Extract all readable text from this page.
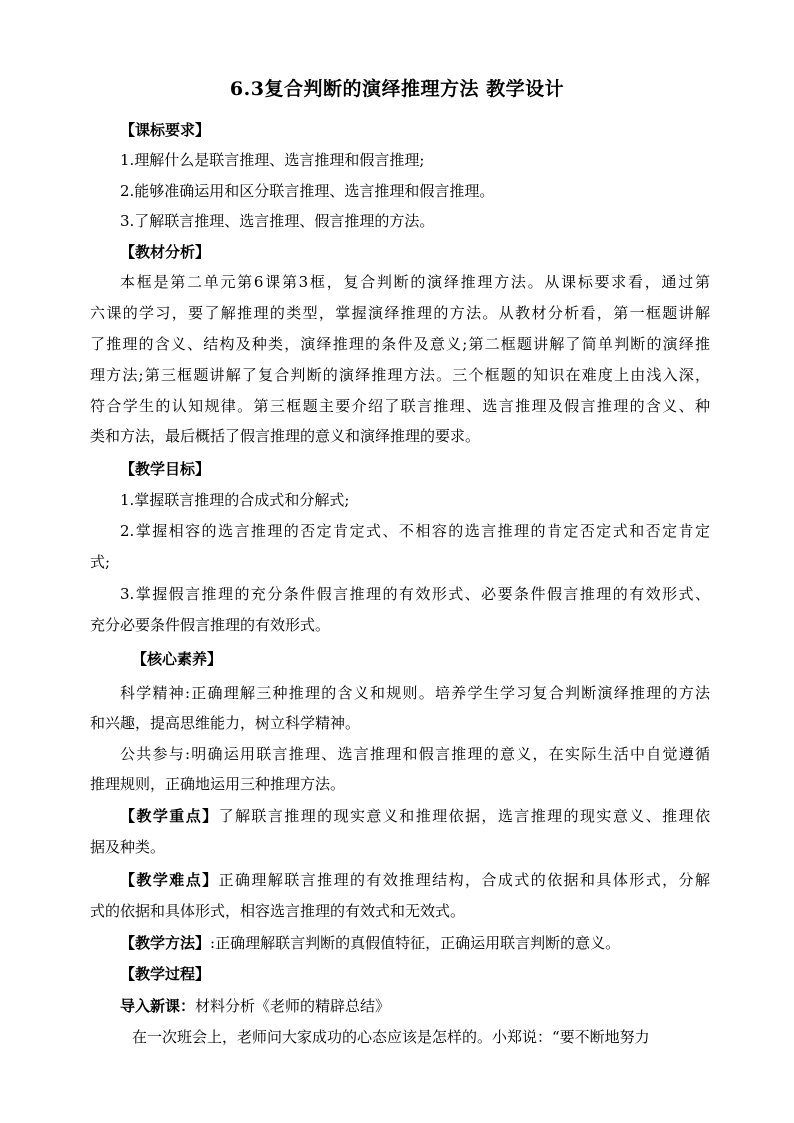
6.3复合判断的演绎推理方法 教学设计

【课标要求】

1.理解什么是联言推理、选言推理和假言推理;

2.能够准确运用和区分联言推理、选言推理和假言推理。

3.了解联言推理、选言推理、假言推理的方法。

【教材分析】

本框是第二单元第6课第3框，复合判断的演绎推理方法。从课标要求看，通过第

六课的学习，要了解推理的类型，掌握演绎推理的方法。从教材分析看，第一框题讲解

了推理的含义、结构及种类，演绎推理的条件及意义;第二框题讲解了简单判断的演绎推

理方法;第三框题讲解了复合判断的演绎推理方法。三个框题的知识在难度上由浅入深，

符合学生的认知规律。第三框题主要介绍了联言推理、选言推理及假言推理的含义、种

类和方法，最后概括了假言推理的意义和演绎推理的要求。

【教学目标】

1.掌握联言推理的合成式和分解式;

2.掌握相容的选言推理的否定肯定式、不相容的选言推理的肯定否定式和否定肯定

式;

3.掌握假言推理的充分条件假言推理的有效形式、必要条件假言推理的有效形式、

充分必要条件假言推理的有效形式。

【核心素养】

科学精神:正确理解三种推理的含义和规则。培养学生学习复合判断演绎推理的方法

和兴趣，提高思维能力，树立科学精神。

公共参与:明确运用联言推理、选言推理和假言推理的意义，在实际生活中自觉遵循

推理规则，正确地运用三种推理方法。

【教学重点】了解联言推理的现实意义和推理依据，选言推理的现实意义、推理依

据及种类。

【教学难点】正确理解联言推理的有效推理结构，合成式的依据和具体形式，分解

式的依据和具体形式，相容选言推理的有效式和无效式。

【教学方法】:正确理解联言判断的真假值特征，正确运用联言判断的意义。

【教学过程】

导入新课：材料分析《老师的精辟总结》

在一次班会上，老师问大家成功的心态应该是怎样的。小郑说：“要不断地努力
